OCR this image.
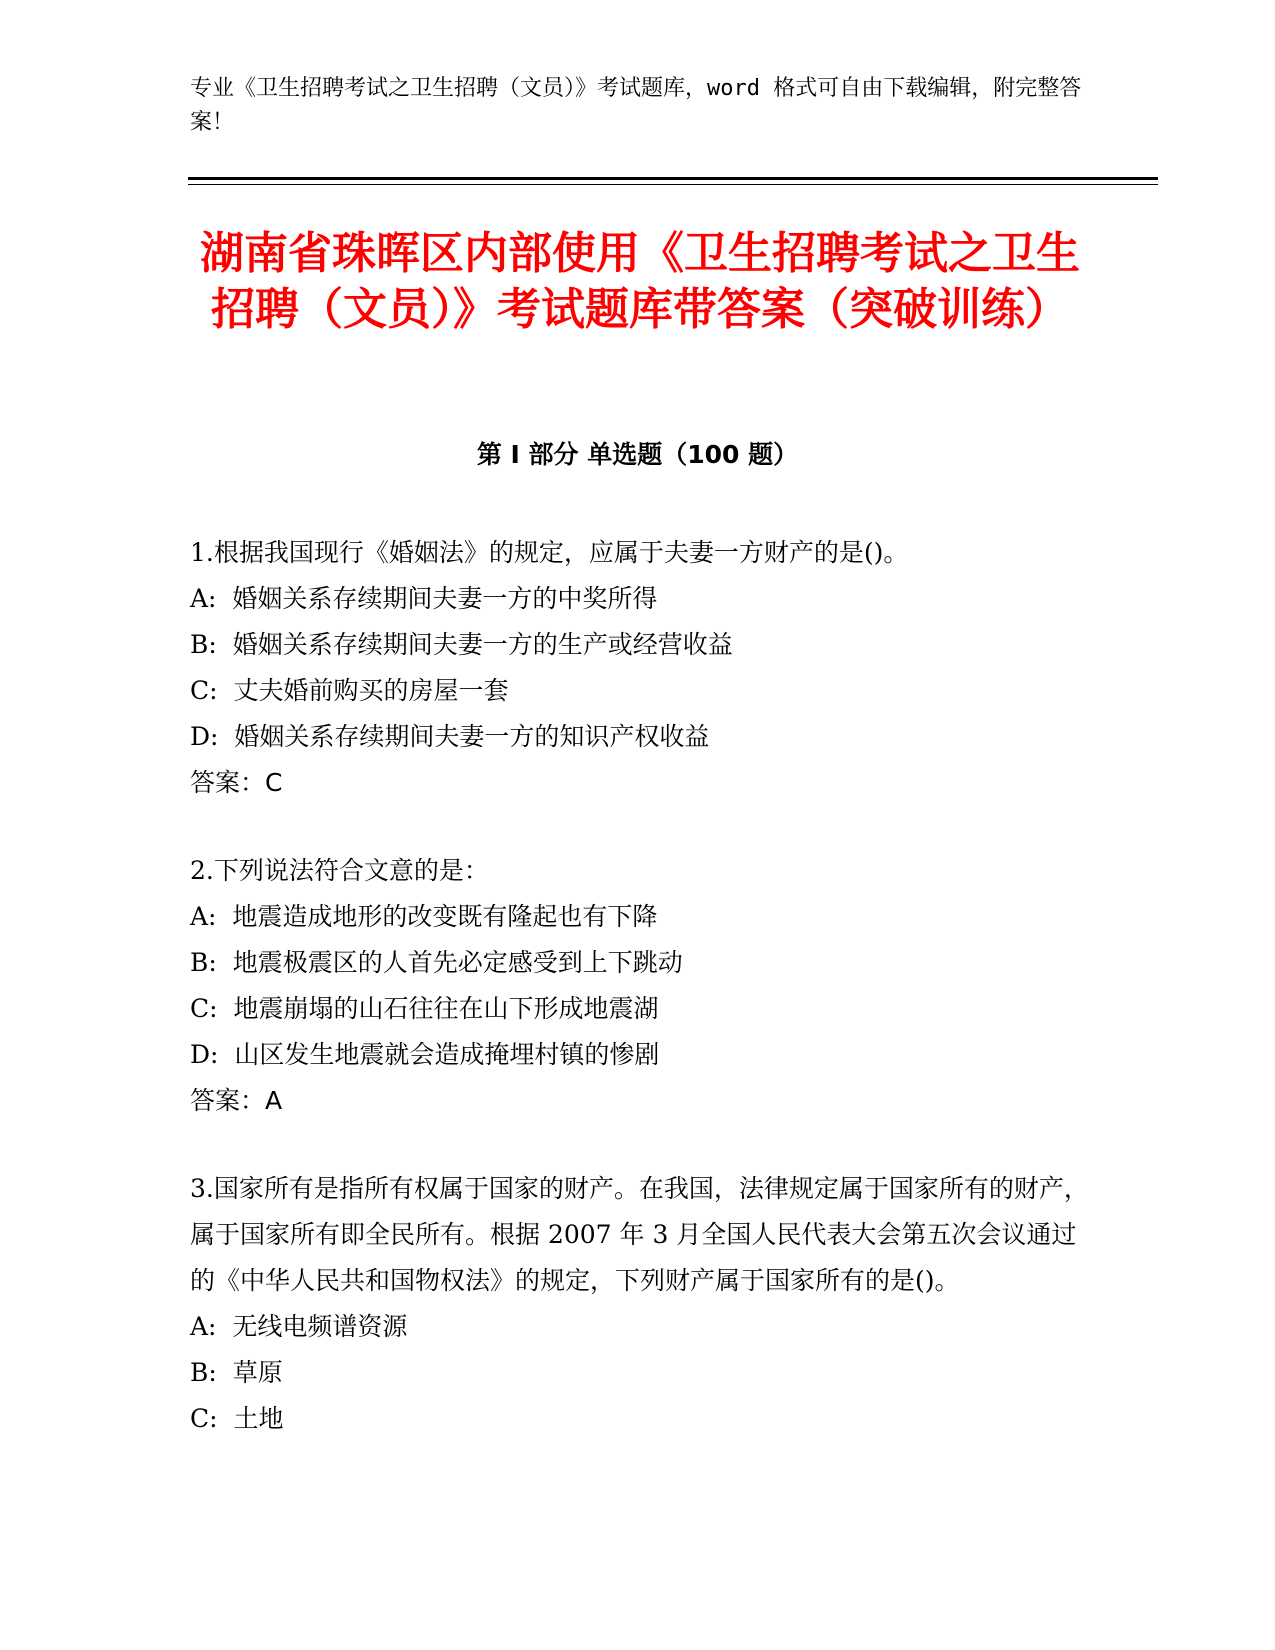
专业《卫生招聘考试之卫生招聘（文员）》考试题库，word 格式可自由下载编辑，附完整答案！
湖南省珠晖区内部使用《卫生招聘考试之卫生招聘（文员）》考试题库带答案（突破训练）
第 I 部分 单选题（100 题）

1.根据我国现行《婚姻法》的规定，应属于夫妻一方财产的是()。

A:  婚姻关系存续期间夫妻一方的中奖所得

B:  婚姻关系存续期间夫妻一方的生产或经营收益

C:  丈夫婚前购买的房屋一套

D:  婚姻关系存续期间夫妻一方的知识产权收益

答案：C

2.下列说法符合文意的是：

A:  地震造成地形的改变既有隆起也有下降

B:  地震极震区的人首先必定感受到上下跳动

C:  地震崩塌的山石往往在山下形成地震湖

D:  山区发生地震就会造成掩埋村镇的惨剧

答案：A

3.国家所有是指所有权属于国家的财产。在我国，法律规定属于国家所有的财产，属于国家所有即全民所有。根据 2007 年 3 月全国人民代表大会第五次会议通过的《中华人民共和国物权法》的规定，下列财产属于国家所有的是()。

A:  无线电频谱资源

B:  草原

C:  土地
